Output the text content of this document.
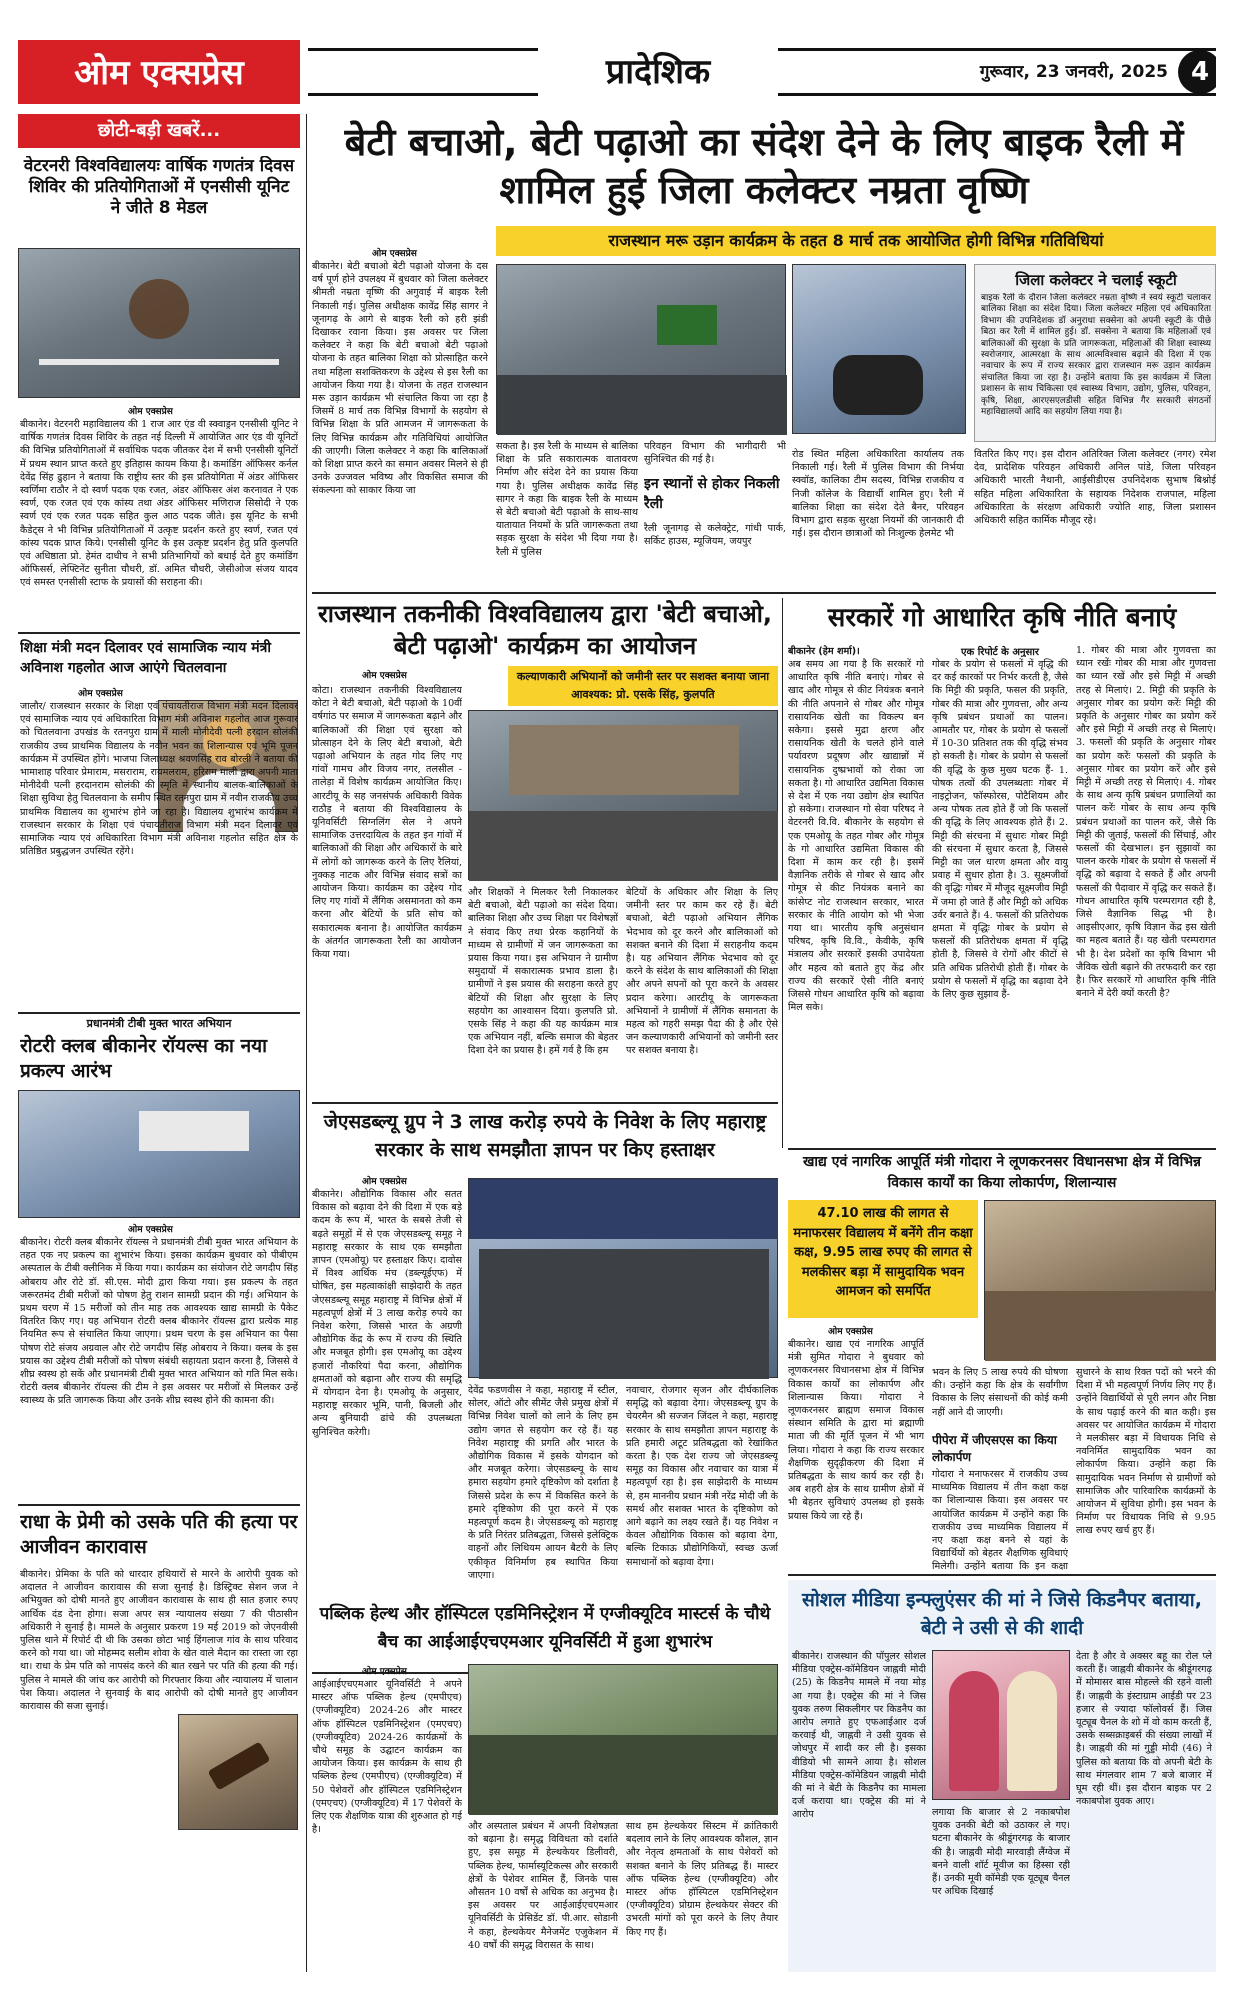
ओम एक्सप्रेस	प्रादेशिक	गुरूवार, 23 जनवरी, 2025 4
छोटी-बड़ी खबरें...
वेटरनरी विश्वविद्यालयः वार्षिक गणतंत्र दिवस शिविर की प्रतियोगिताओं में एनसीसी यूनिट ने जीते 8 मेडल
ओम एक्सप्रेस
बीकानेर। वेटरनरी महाविद्यालय की 1 राज आर एंड वी स्क्वाड्रन एनसीसी यूनिट ने वार्षिक गणतंत्र दिवस शिविर के तहत नई दिल्ली में आयोजित आर एंड वी यूनिटों की विभिन्न प्रतियोगिताओं में सर्वाधिक पदक जीतकर देश में सभी एनसीसी यूनिटों में प्रथम स्थान प्राप्त करते हुए इतिहास कायम किया है। कमांडिंग ऑफिसर कर्नल देवेंद्र सिंह ढुहान ने बताया कि राष्ट्रीय स्तर की इस प्रतियोगिता में अंडर ऑफिसर स्वर्णिमा राठौर ने दो स्वर्ण पदक एक रजत, अंडर ऑफिसर अंश करनावत ने एक स्वर्ण, एक रजत एवं एक कांस्य तथा अंडर ऑफिसर मणिराज सिसोदी ने एक स्वर्ण एवं एक रजत पदक सहित कुल आठ पदक जीते। इस यूनिट के सभी कैडेट्स ने भी विभिन्न प्रतियोगिताओं में उत्कृष्ट प्रदर्शन करते हुए स्वर्ण, रजत एवं कांस्य पदक प्राप्त किये। एनसीसी यूनिट के इस उत्कृष्ट प्रदर्शन हेतु प्रति कुलपति एवं अधिष्ठाता प्रो. हेमंत दाधीच ने सभी प्रतिभागियों को बधाई देते हुए कमांडिंग ऑफिसर्स, लेफ्टिनेंट सुनीता चौधरी, डॉ. अमित चौधरी, जेसीओज संजय यादव एवं समस्त एनसीसी स्टाफ के प्रयासों की सराहना की।
शिक्षा मंत्री मदन दिलावर एवं सामाजिक न्याय मंत्री अविनाश गहलोत आज आएंगे चितलवाना
ओम एक्सप्रेस
जालौर/ राजस्थान सरकार के शिक्षा एवं पंचायतीराज विभाग मंत्री मदन दिलावर एवं सामाजिक न्याय एवं अधिकारिता विभाग मंत्री अविनाश गहलोत आज गुरूवार को चितलवाना उपखंड के रतनपुरा ग्राम में माली मोनीदेवी पत्नी हरदान सोलंकी राजकीय उच्च प्राथमिक विद्यालय के नवीन भवन का शिलान्यास एवं भूमि पूजन कार्यक्रम में उपस्थित होंगे। भाजपा जिलाध्यक्ष श्रवणसिंह राव बोरली ने बताया की भामाशाह परिवार प्रेमाराम, मसराराम, रायमलराम, हरिराम माली द्वारा अपनी माता मोनीदेवी पत्नी हरदानराम सोलंकी की स्मृति में स्थानीय बालक-बालिकाओं के शिक्षा सुविधा हेतु चितलवाना के समीप स्थित रतनपुरा ग्राम में नवीन राजकीय उच्च प्राथमिक विद्यालय का शुभारंभ होने जा रहा है। विद्यालय शुभारंभ कार्यक्रम में राजस्थान सरकार के शिक्षा एवं पंचायतीराज विभाग मंत्री मदन दिलावर एवं सामाजिक न्याय एवं अधिकारिता विभाग मंत्री अविनाश गहलोत सहित क्षेत्र के प्रतिष्ठित प्रबुद्धजन उपस्थित रहेंगे।
प्रधानमंत्री टीबी मुक्त भारत अभियान
रोटरी क्लब बीकानेर रॉयल्स का नया प्रकल्प आरंभ
ओम एक्सप्रेस
बीकानेर। रोटरी क्लब बीकानेर रॉयल्स ने प्रधानमंत्री टीबी मुक्त भारत अभियान के तहत एक नए प्रकल्प का शुभारंभ किया। इसका कार्यक्रम बुधवार को पीबीएम अस्पताल के टीबी क्लीनिक में किया गया। कार्यक्रम का संयोजन रोटे जगदीप सिंह ओबराय और रोटे डॉ. सी.एस. मोदी द्वारा किया गया। इस प्रकल्प के तहत जरूरतमंद टीबी मरीजों को पोषण हेतु राशन सामग्री प्रदान की गई। अभियान के प्रथम चरण में 15 मरीजों को तीन माह तक आवश्यक खाद्य सामग्री के पैकेट वितरित किए गए। यह अभियान रोटरी क्लब बीकानेर रॉयल्स द्वारा प्रत्येक माह नियमित रूप से संचालित किया जाएगा। प्रथम चरण के इस अभियान का पैसा पोषण रोटे संजय अग्रवाल और रोटे जगदीप सिंह ओबराय ने किया। क्लब के इस प्रयास का उद्देश्य टीबी मरीजों को पोषण संबंधी सहायता प्रदान करना है, जिससे वे शीघ्र स्वस्थ हो सकें और प्रधानमंत्री टीबी मुक्त भारत अभियान को गति मिल सके। रोटरी क्लब बीकानेर रॉयल्स की टीम ने इस अवसर पर मरीजों से मिलकर उन्हें स्वास्थ्य के प्रति जागरूक किया और उनके शीघ्र स्वस्थ होने की कामना की।
राधा के प्रेमी को उसके पति की हत्या पर आजीवन कारावास
बीकानेर। प्रेमिका के पति को धारदार हथियारों से मारने के आरोपी युवक को अदालत ने आजीवन कारावास की सजा सुनाई है। डिस्ट्रिक्ट सेशन जज ने अभियुक्त को दोषी मानते हुए आजीवन कारावास के साथ ही सात हजार रुपए आर्थिक दंड देना होगा। सजा अपर सत्र न्यायालय संख्या 7 की पीठासीन अधिकारी ने सुनाई है। मामले के अनुसार प्रकरण 19 मई 2019 को जेएनवीसी पुलिस थाने में रिपोर्ट दी थी कि उसका छोटा भाई हिंगलाज गांव के साथ परिवाद करने को गया था। जो मोहम्मद सलीम शोवा के खेत वाले मैदान का रास्ता जा रहा था। राधा के प्रेम पति को नापसंद करने की बात रखने पर पति की हत्या की गई। पुलिस ने मामले की जांच कर आरोपी को गिरफ्तार किया और न्यायालय में चालान पेश किया। अदालत ने सुनवाई के बाद आरोपी को दोषी मानते हुए आजीवन कारावास की सजा सुनाई।
बेटी बचाओ, बेटी पढ़ाओ का संदेश देने के लिए बाइक रैली में शामिल हुई जिला कलेक्टर नम्रता वृष्णि
राजस्थान मरू उड़ान कार्यक्रम के तहत 8 मार्च तक आयोजित होगी विभिन्न गतिविधियां
ओम एक्सप्रेस
बीकानेर। बेटी बचाओ बेटी पढ़ाओ योजना के दस वर्ष पूर्ण होने उपलक्ष्य में बुधवार को जिला कलेक्टर श्रीमती नम्रता वृष्णि की अगुवाई में बाइक रैली निकाली गई। पुलिस अधीक्षक कावेंद्र सिंह सागर ने जूनागढ़ के आगे से बाइक रैली को हरी झंडी दिखाकर रवाना किया। इस अवसर पर जिला कलेक्टर ने कहा कि बेटी बचाओ बेटी पढ़ाओ योजना के तहत बालिका शिक्षा को प्रोत्साहित करने तथा महिला सशक्तिकरण के उद्देश्य से इस रैली का आयोजन किया गया है। योजना के तहत राजस्थान मरू उड़ान कार्यक्रम भी संचालित किया जा रहा है जिसमें 8 मार्च तक विभिन्न विभागों के सहयोग से विभिन्न शिक्षा के प्रति आमजन में जागरूकता के लिए विभिन्न कार्यक्रम और गतिविधियां आयोजित की जाएगी। जिला कलेक्टर ने कहा कि बालिकाओं को शिक्षा प्राप्त करने का समान अवसर मिलने से ही उनके उज्जवल भविष्य और विकसित समाज की संकल्पना को साकार किया जा
सकता है। इस रैली के माध्यम से बालिका शिक्षा के प्रति सकारात्मक वातावरण निर्माण और संदेश देने का प्रयास किया गया है। पुलिस अधीक्षक कावेंद्र सिंह सागर ने कहा कि बाइक रैली के माध्यम से बेटी बचाओ बेटी पढ़ाओ के साथ-साथ यातायात नियमों के प्रति जागरूकता तथा सड़क सुरक्षा के संदेश भी दिया गया है। रैली में पुलिस
परिवहन विभाग की भागीदारी भी सुनिश्चित की गई है।
इन स्थानों से होकर निकली रैली
रैली जूनागढ़ से कलेक्ट्रेट, गांधी पार्क, सर्किट हाउस, म्यूजियम, जयपुर
जिला कलेक्टर ने चलाई स्कूटी
बाइक रैली के दौरान जिला कलेक्टर नम्रता वृष्णि ने स्वयं स्कूटी चलाकर बालिका शिक्षा का संदेश दिया। जिला कलेक्टर महिला एवं अधिकारिता विभाग की उपनिदेशक डॉ अनुराधा सक्सेना को अपनी स्कूटी के पीछे बिठा कर रैली में शामिल हुई। डॉ. सक्सेना ने बताया कि महिलाओं एवं बालिकाओं की सुरक्षा के प्रति जागरूकता, महिलाओं की शिक्षा स्वास्थ्य स्वरोजगार, आत्मरक्षा के साथ आत्मविश्वास बढ़ाने की दिशा में एक नवाचार के रूप में राज्य सरकार द्वारा राजस्थान मरू उड़ान कार्यक्रम संचालित किया जा रहा है। उन्होंने बताया कि इस कार्यक्रम में जिला प्रशासन के साथ चिकित्सा एवं स्वास्थ्य विभाग, उद्योग, पुलिस, परिवहन, कृषि, शिक्षा, आरएसएलडीसी सहित विभिन्न गैर सरकारी संगठनों महाविद्यालयों आदि का सहयोग लिया गया है।
रोड स्थित महिला अधिकारिता कार्यालय तक निकाली गई। रैली में पुलिस विभाग की निर्भया स्क्वॉड, कालिका टीम सदस्य, विभिन्न राजकीय व निजी कॉलेज के विद्यार्थी शामिल हुए। रैली में बालिका शिक्षा का संदेश देते बैनर, परिवहन विभाग द्वारा सड़क सुरक्षा नियमों की जानकारी दी गई। इस दौरान छात्राओं को निःशुल्क हेलमेट भी
वितरित किए गए। इस दौरान अतिरिक्त जिला कलेक्टर (नगर) रमेश देव, प्रादेशिक परिवहन अधिकारी अनिल पांडे, जिला परिवहन अधिकारी भारती नैथानी, आईसीडीएस उपनिदेशक सुभाष बिश्नोई सहित महिला अधिकारिता के सहायक निदेशक राजपाल, महिला अधिकारिता के संरक्षण अधिकारी ज्योति शाह, जिला प्रशासन अधिकारी सहित कार्मिक मौजूद रहे।
राजस्थान तकनीकी विश्वविद्यालय द्वारा 'बेटी बचाओ, बेटी पढ़ाओ' कार्यक्रम का आयोजन
ओम एक्सप्रेस	कल्याणकारी अभियानों को जमीनी स्तर पर सशक्त बनाया जाना आवश्यक: प्रो. एसके सिंह, कुलपति
कोटा। राजस्थान तकनीकी विश्वविद्यालय कोटा ने बेटी बचाओ, बेटी पढ़ाओ के 10वीं वर्षगांठ पर समाज में जागरूकता बढ़ाने और बालिकाओं की शिक्षा एवं सुरक्षा को प्रोत्साहन देने के लिए बेटी बचाओ, बेटी पढ़ाओ अभियान के तहत गोद लिए गए गांवों गामच और विजय नगर, तलसील - तालेड़ा में विशेष कार्यक्रम आयोजित किए। आरटीयू के सह जनसंपर्क अधिकारी विवेक राठौड़ ने बताया की विश्वविद्यालय के यूनिवर्सिटी सिग्नलिंग सेल ने अपने सामाजिक उत्तरदायित्व के तहत इन गांवों में बालिकाओं की शिक्षा और अधिकारों के बारे में लोगों को जागरूक करने के लिए रैलियां, नुक्कड़ नाटक और विभिन्न संवाद सत्रों का आयोजन किया। कार्यक्रम का उद्देश्य गोद लिए गए गांवों में लैंगिक असमानता को कम करना और बेटियों के प्रति सोच को सकारात्मक बनाना है। आयोजित कार्यक्रम के अंतर्गत जागरूकता रैली का आयोजन किया गया।
और शिक्षकों ने मिलकर रैली निकालकर बेटी बचाओ, बेटी पढ़ाओ का संदेश दिया। बालिका शिक्षा और उच्च शिक्षा पर विशेषज्ञों ने संवाद किए तथा प्रेरक कहानियों के माध्यम से ग्रामीणों में जन जागरूकता का प्रयास किया गया। इस अभियान ने ग्रामीण समुदायों में सकारात्मक प्रभाव डाला है। ग्रामीणों ने इस प्रयास की सराहना करते हुए बेटियों की शिक्षा और सुरक्षा के लिए सहयोग का आश्वासन दिया। कुलपति प्रो. एसके सिंह ने कहा की यह कार्यक्रम मात्र एक अभियान नहीं, बल्कि समाज की बेहतर दिशा देने का प्रयास है। हमें गर्व है कि हम
बेटियों के अधिकार और शिक्षा के लिए जमीनी स्तर पर काम कर रहे हैं। बेटी बचाओ, बेटी पढ़ाओ अभियान लैंगिक भेदभाव को दूर करने और बालिकाओं को सशक्त बनाने की दिशा में सराहनीय कदम है। यह अभियान लैंगिक भेदभाव को दूर करने के संदेश के साथ बालिकाओं की शिक्षा और अपने सपनों को पूरा करने के अवसर प्रदान करेगा। आरटीयू के जागरूकता अभियानों ने ग्रामीणों में लैंगिक समानता के महत्व को गहरी समझ पैदा की है और ऐसे जन कल्याणकारी अभियानों को जमीनी स्तर पर सशक्त बनाया है।
सरकारें गो आधारित कृषि नीति बनाएं
बीकानेर (हेम शर्मा)।
अब समय आ गया है कि सरकारें गो आधारित कृषि नीति बनाएं। गोबर से खाद और गोमूत्र से कीट नियंत्रक बनाने की नीति अपनाने से गोबर और गोमूत्र रासायनिक खेती का विकल्प बन सकेगा। इससे मुद्रा क्षरण और रासायनिक खेती के चलते होने वाले पर्यावरण प्रदूषण और खाद्यान्नों में रासायनिक दुष्प्रभावों को रोका जा सकता है। गो आधारित उद्यमिता विकास से देश में एक नया उद्योग क्षेत्र स्थापित हो सकेगा। राजस्थान गो सेवा परिषद ने वेटरनरी वि.वि. बीकानेर के सहयोग से एक एमओयू के तहत गोबर और गोमूत्र के गो आधारित उद्यमिता विकास की दिशा में काम कर रही है। इसमें वैज्ञानिक तरीके से गोबर से खाद और गोमूत्र से कीट नियंत्रक बनाने का कांसेप्ट नोट राजस्थान सरकार, भारत सरकार के नीति आयोग को भी भेजा गया था। भारतीय कृषि अनुसंधान परिषद, कृषि वि.वि., केवीके, कृषि मंत्रालय और सरकारें इसकी उपादेयता और महत्व को बताते हुए केंद्र और राज्य की सरकारें ऐसी नीति बनाएं जिससे गोधन आधारित कृषि को बढ़ावा मिल सके।
एक रिपोर्ट के अनुसार
गोबर के प्रयोग से फसलों में वृद्धि की दर कई कारकों पर निर्भर करती है, जैसे कि मिट्टी की प्रकृति, फसल की प्रकृति, गोबर की मात्रा और गुणवत्ता, और अन्य कृषि प्रबंधन प्रथाओं का पालन। आमतौर पर, गोबर के प्रयोग से फसलों में 10-30 प्रतिशत तक की वृद्धि संभव हो सकती है। गोबर के प्रयोग से फसलों की वृद्धि के कुछ मुख्य घटक हैं- 1. पोषक तत्वों की उपलब्धताः गोबर में नाइट्रोजन, फॉस्फोरस, पोटैशियम और अन्य पोषक तत्व होते हैं जो कि फसलों की वृद्धि के लिए आवश्यक होते हैं। 2. मिट्टी की संरचना में सुधारः गोबर मिट्टी की संरचना में सुधार करता है, जिससे मिट्टी का जल धारण क्षमता और वायु प्रवाह में सुधार होता है। 3. सूक्ष्मजीवों की वृद्धिः गोबर में मौजूद सूक्ष्मजीव मिट्टी में जमा हो जाते हैं और मिट्टी को अधिक उर्वर बनाते हैं। 4. फसलों की प्रतिरोधक क्षमता में वृद्धिः गोबर के प्रयोग से फसलों की प्रतिरोधक क्षमता में वृद्धि होती है, जिससे वे रोगों और कीटों से प्रति अधिक प्रतिरोधी होती हैं। गोबर के प्रयोग से फसलों में वृद्धि का बढ़ावा देने के लिए कुछ सुझाव हैं-
1. गोबर की मात्रा और गुणवत्ता का ध्यान रखेंः गोबर की मात्रा और गुणवत्ता का ध्यान रखें और इसे मिट्टी में अच्छी तरह से मिलाएं। 2. मिट्टी की प्रकृति के अनुसार गोबर का प्रयोग करेंः मिट्टी की प्रकृति के अनुसार गोबर का प्रयोग करें और इसे मिट्टी में अच्छी तरह से मिलाएं। 3. फसलों की प्रकृति के अनुसार गोबर का प्रयोग करेंः फसलों की प्रकृति के अनुसार गोबर का प्रयोग करें और इसे मिट्टी में अच्छी तरह से मिलाएं। 4. गोबर के साथ अन्य कृषि प्रबंधन प्रणालियों का पालन करेंः गोबर के साथ अन्य कृषि प्रबंधन प्रथाओं का पालन करें, जैसे कि मिट्टी की जुताई, फसलों की सिंचाई, और फसलों की देखभाल। इन सुझावों का पालन करके गोबर के प्रयोग से फसलों में वृद्धि को बढ़ावा दे सकते हैं और अपनी फसलों की पैदावार में वृद्धि कर सकते हैं। गोधन आधारित कृषि परम्परागत रही है, जिसे वैज्ञानिक सिद्ध भी है। आइसीएआर, कृषि विज्ञान केंद्र इस खेती का महत्व बताते हैं। यह खेती परम्परागत भी है। देश प्रदेशों का कृषि विभाग भी जैविक खेती बढ़ाने की तरफदारी कर रहा है। फिर सरकारें गो आधारित कृषि नीति बनाने में देरी क्यों करती है?
जेएसडब्ल्यू ग्रुप ने 3 लाख करोड़ रुपये के निवेश के लिए महाराष्ट्र सरकार के साथ समझौता ज्ञापन पर किए हस्ताक्षर
ओम एक्सप्रेस
बीकानेर। औद्योगिक विकास और सतत विकास को बढ़ावा देने की दिशा में एक बड़े कदम के रूप में, भारत के सबसे तेजी से बढ़ते समूहों में से एक जेएसडब्ल्यू समूह ने महाराष्ट्र सरकार के साथ एक समझौता ज्ञापन (एमओयू) पर हस्ताक्षर किए। दावोस में विश्व आर्थिक मंच (डब्ल्यूईएफ) में घोषित, इस महत्वाकांक्षी साझेदारी के तहत जेएसडब्ल्यू समूह महाराष्ट्र में विभिन्न क्षेत्रों में महत्वपूर्ण क्षेत्रों में 3 लाख करोड़ रुपये का निवेश करेगा, जिससे भारत के अग्रणी औद्योगिक केंद्र के रूप में राज्य की स्थिति और मजबूत होगी। इस एमओयू का उद्देश्य हजारों नौकरियां पैदा करना, औद्योगिक क्षमताओं को बढ़ाना और राज्य की समृद्धि में योगदान देना है। एमओयू के अनुसार, महाराष्ट्र सरकार भूमि, पानी, बिजली और अन्य बुनियादी ढांचे की उपलब्धता सुनिश्चित करेगी।
देवेंद्र फडणवीस ने कहा, महाराष्ट्र में स्टील, सोलर, ऑटो और सीमेंट जैसे प्रमुख क्षेत्रों में विभिन्न निवेश चालों को लाने के लिए हम उद्योग जगत से सहयोग कर रहे हैं। यह निवेश महाराष्ट्र की प्रगति और भारत के औद्योगिक विकास में इसके योगदान को और मजबूत करेगा। जेएसडब्ल्यू के साथ हमारा सहयोग हमारे दृष्टिकोण को दर्शाता है जिससे प्रदेश के रूप में विकसित करने के हमारे दृष्टिकोण की पूरा करने में एक महत्वपूर्ण कदम है। जेएसडब्ल्यू को महाराष्ट्र के प्रति निरंतर प्रतिबद्धता, जिससे इलेक्ट्रिक वाहनों और लिथियम आयन बैटरी के लिए एकीकृत विनिर्माण हब स्थापित किया जाएगा।
नवाचार, रोजगार सृजन और दीर्घकालिक समृद्धि को बढ़ावा देगा। जेएसडब्ल्यू ग्रुप के चेयरमैन श्री सज्जन जिंदल ने कहा, महाराष्ट्र सरकार के साथ समझौता ज्ञापन महाराष्ट्र के प्रति हमारी अटूट प्रतिबद्धता को रेखांकित करता है। एक देश राज्य जो जेएसडब्ल्यू समूह का विकास और नवाचार का यात्रा में महत्वपूर्ण रहा है। इस साझेदारी के माध्यम से, हम माननीय प्रधान मंत्री नरेंद्र मोदी जी के समर्थ और सशक्त भारत के दृष्टिकोण को आगे बढ़ाने का लक्ष्य रखते हैं। यह निवेश न केवल औद्योगिक विकास को बढ़ावा देगा, बल्कि टिकाऊ प्रौद्योगिकियों, स्वच्छ ऊर्जा समाधानों को बढ़ावा देगा।
खाद्य एवं नागरिक आपूर्ति मंत्री गोदारा ने लूणकरनसर विधानसभा क्षेत्र में विभिन्न विकास कार्यों का किया लोकार्पण, शिलान्यास
47.10 लाख की लागत से मनाफरसर विद्यालय में बनेंगे तीन कक्षा कक्ष, 9.95 लाख रुपए की लागत से मलकीसर बड़ा में सामुदायिक भवन आमजन को समर्पित
ओम एक्सप्रेस
बीकानेर। खाद्य एवं नागरिक आपूर्ति मंत्री सुमित गोदारा ने बुधवार को लूणकरनसर विधानसभा क्षेत्र में विभिन्न विकास कार्यों का लोकार्पण और शिलान्यास किया। गोदारा ने लूणकरनसर ब्राह्मण समाज विकास संस्थान समिति के द्वारा मां ब्रह्माणी माता जी की मूर्ति पूजन में भी भाग लिया। गोदारा ने कहा कि राज्य सरकार शैक्षणिक सुदृढ़ीकरण की दिशा में प्रतिबद्धता के साथ कार्य कर रही है। अब शहरी क्षेत्र के साथ ग्रामीण क्षेत्रों में भी बेहतर सुविधाएं उपलब्ध हो इसके प्रयास किये जा रहे हैं।
भवन के लिए 5 लाख रुपये की घोषणा की। उन्होंने कहा कि क्षेत्र के सर्वांगीण विकास के लिए संसाधनों की कोई कमी नहीं आने दी जाएगी।
पीपेरा में जीएसएस का किया लोकार्पण
गोदारा ने मनाफरसर में राजकीय उच्च माध्यमिक विद्यालय में तीन कक्षा कक्ष का शिलान्यास किया। इस अवसर पर आयोजित कार्यक्रम में उन्होंने कहा कि राजकीय उच्च माध्यमिक विद्यालय में नए कक्षा कक्ष बनने से यहां के विद्यार्थियों को बेहतर शैक्षणिक सुविधाएं मिलेगी। उन्होंने बताया कि इन कक्षा
सुधारने के साथ रिक्त पदों को भरने की दिशा में भी महत्वपूर्ण निर्णय लिए गए हैं। उन्होंने विद्यार्थियों से पूरी लगन और निष्ठा के साथ पढ़ाई करने की बात कही। इस अवसर पर आयोजित कार्यक्रम में गोदारा ने मलकीसर बड़ा में विधायक निधि से नवनिर्मित सामुदायिक भवन का लोकार्पण किया। उन्होंने कहा कि सामुदायिक भवन निर्माण से ग्रामीणों को सामाजिक और पारिवारिक कार्यक्रमों के आयोजन में सुविधा होगी। इस भवन के निर्माण पर विधायक निधि से 9.95 लाख रुपए खर्च हुए हैं।
पब्लिक हेल्थ और हॉस्पिटल एडमिनिस्ट्रेशन में एग्जीक्यूटिव मास्टर्स के चौथे बैच का आईआईएचएमआर यूनिवर्सिटी में हुआ शुभारंभ
ओम एक्सप्रेस
आईआईएचएमआर यूनिवर्सिटी ने अपने मास्टर ऑफ पब्लिक हेल्थ (एमपीएच) (एग्जीक्यूटिव) 2024-26 और मास्टर ऑफ हॉस्पिटल एडमिनिस्ट्रेशन (एमएचए) (एग्जीक्यूटिव) 2024-26 कार्यक्रमों के चौथे समूह के उद्घाटन कार्यक्रम का आयोजन किया। इस कार्यक्रम के साथ ही पब्लिक हेल्थ (एमपीएच) (एग्जीक्यूटिव) में 50 पेशेवरों और हॉस्पिटल एडमिनिस्ट्रेशन (एमएचए) (एग्जीक्यूटिव) में 17 पेशेवरों के लिए एक शैक्षणिक यात्रा की शुरुआत हो गई है।	और अस्पताल प्रबंधन में अपनी विशेषज्ञता को बढ़ाना है। समृद्ध विविधता को दर्शाते हुए, इस समूह में हेल्थकेयर डिलीवरी, पब्लिक हेल्थ, फार्मास्यूटिकल्स और सरकारी क्षेत्रों के पेशेवर शामिल हैं, जिनके पास औसतन 10 वर्षों से अधिक का अनुभव है। इस अवसर पर आईआईएचएमआर यूनिवर्सिटी के प्रेसिडेंट डॉ. पी.आर. सोडानी ने कहा, हेल्थकेयर मैनेजमेंट एजुकेशन में 40 वर्षों की समृद्ध विरासत के साथ।
साथ हम हेल्थकेयर सिस्टम में क्रांतिकारी बदलाव लाने के लिए आवश्यक कौशल, ज्ञान और नेतृत्व क्षमताओं के साथ पेशेवरों को सशक्त बनाने के लिए प्रतिबद्ध हैं। मास्टर ऑफ पब्लिक हेल्थ (एग्जीक्यूटिव) और मास्टर ऑफ हॉस्पिटल एडमिनिस्ट्रेशन (एग्जीक्यूटिव) प्रोग्राम हेल्थकेयर सेक्टर की उभरती मांगों को पूरा करने के लिए तैयार किए गए हैं।
सोशल मीडिया इन्फ्लुएंसर की मां ने जिसे किडनैपर बताया, बेटी ने उसी से की शादी
बीकानेर। राजस्थान की पॉपुलर सोशल मीडिया एक्ट्रेस-कॉमेडियन जाह्नवी मोदी (25) के किडनैप मामले में नया मोड़ आ गया है। एक्ट्रेस की मां ने जिस युवक तरुण सिकलीगर पर किडनैप का आरोप लगाते हुए एफआईआर दर्ज करवाई थी, जाह्नवी ने उसी युवक से जोधपुर में शादी कर ली है। इसका वीडियो भी सामने आया है। सोशल मीडिया एक्ट्रेस-कॉमेडियन जाह्नवी मोदी की मां ने बेटी के किडनैप का मामला दर्ज कराया था। एक्ट्रेस की मां ने आरोप	लगाया कि बाजार से 2 नकाबपोश युवक उनकी बेटी को उठाकर ले गए। घटना बीकानेर के श्रीडूंगरगढ़ के बाजार की है। जाह्नवी मोदी मारवाड़ी लैंग्वेज में बनने वाली शॉर्ट मूवीज का हिस्सा रही हैं। उनकी मूवी कॉमेडी एक यूट्यूब चैनल पर अधिक दिखाई
देता है और वे अक्सर बहू का रोल प्ले करती हैं। जाह्नवी बीकानेर के श्रीडूंगरगढ़ में मोमासर बास मोहल्ले की रहने वाली हैं। जाह्नवी के इंस्टाग्राम आईडी पर 23 हजार से ज्यादा फॉलोवर्स हैं। जिस यूट्यूब चैनल के शो में वो काम करती हैं, उसके सब्सक्राइबर्स की संख्या लाखों में है। जाह्नवी की मां गुड्डी मोदी (46) ने पुलिस को बताया कि वो अपनी बेटी के साथ मंगलवार शाम 7 बजे बाजार में घूम रही थीं। इस दौरान बाइक पर 2 नकाबपोश युवक आए।
